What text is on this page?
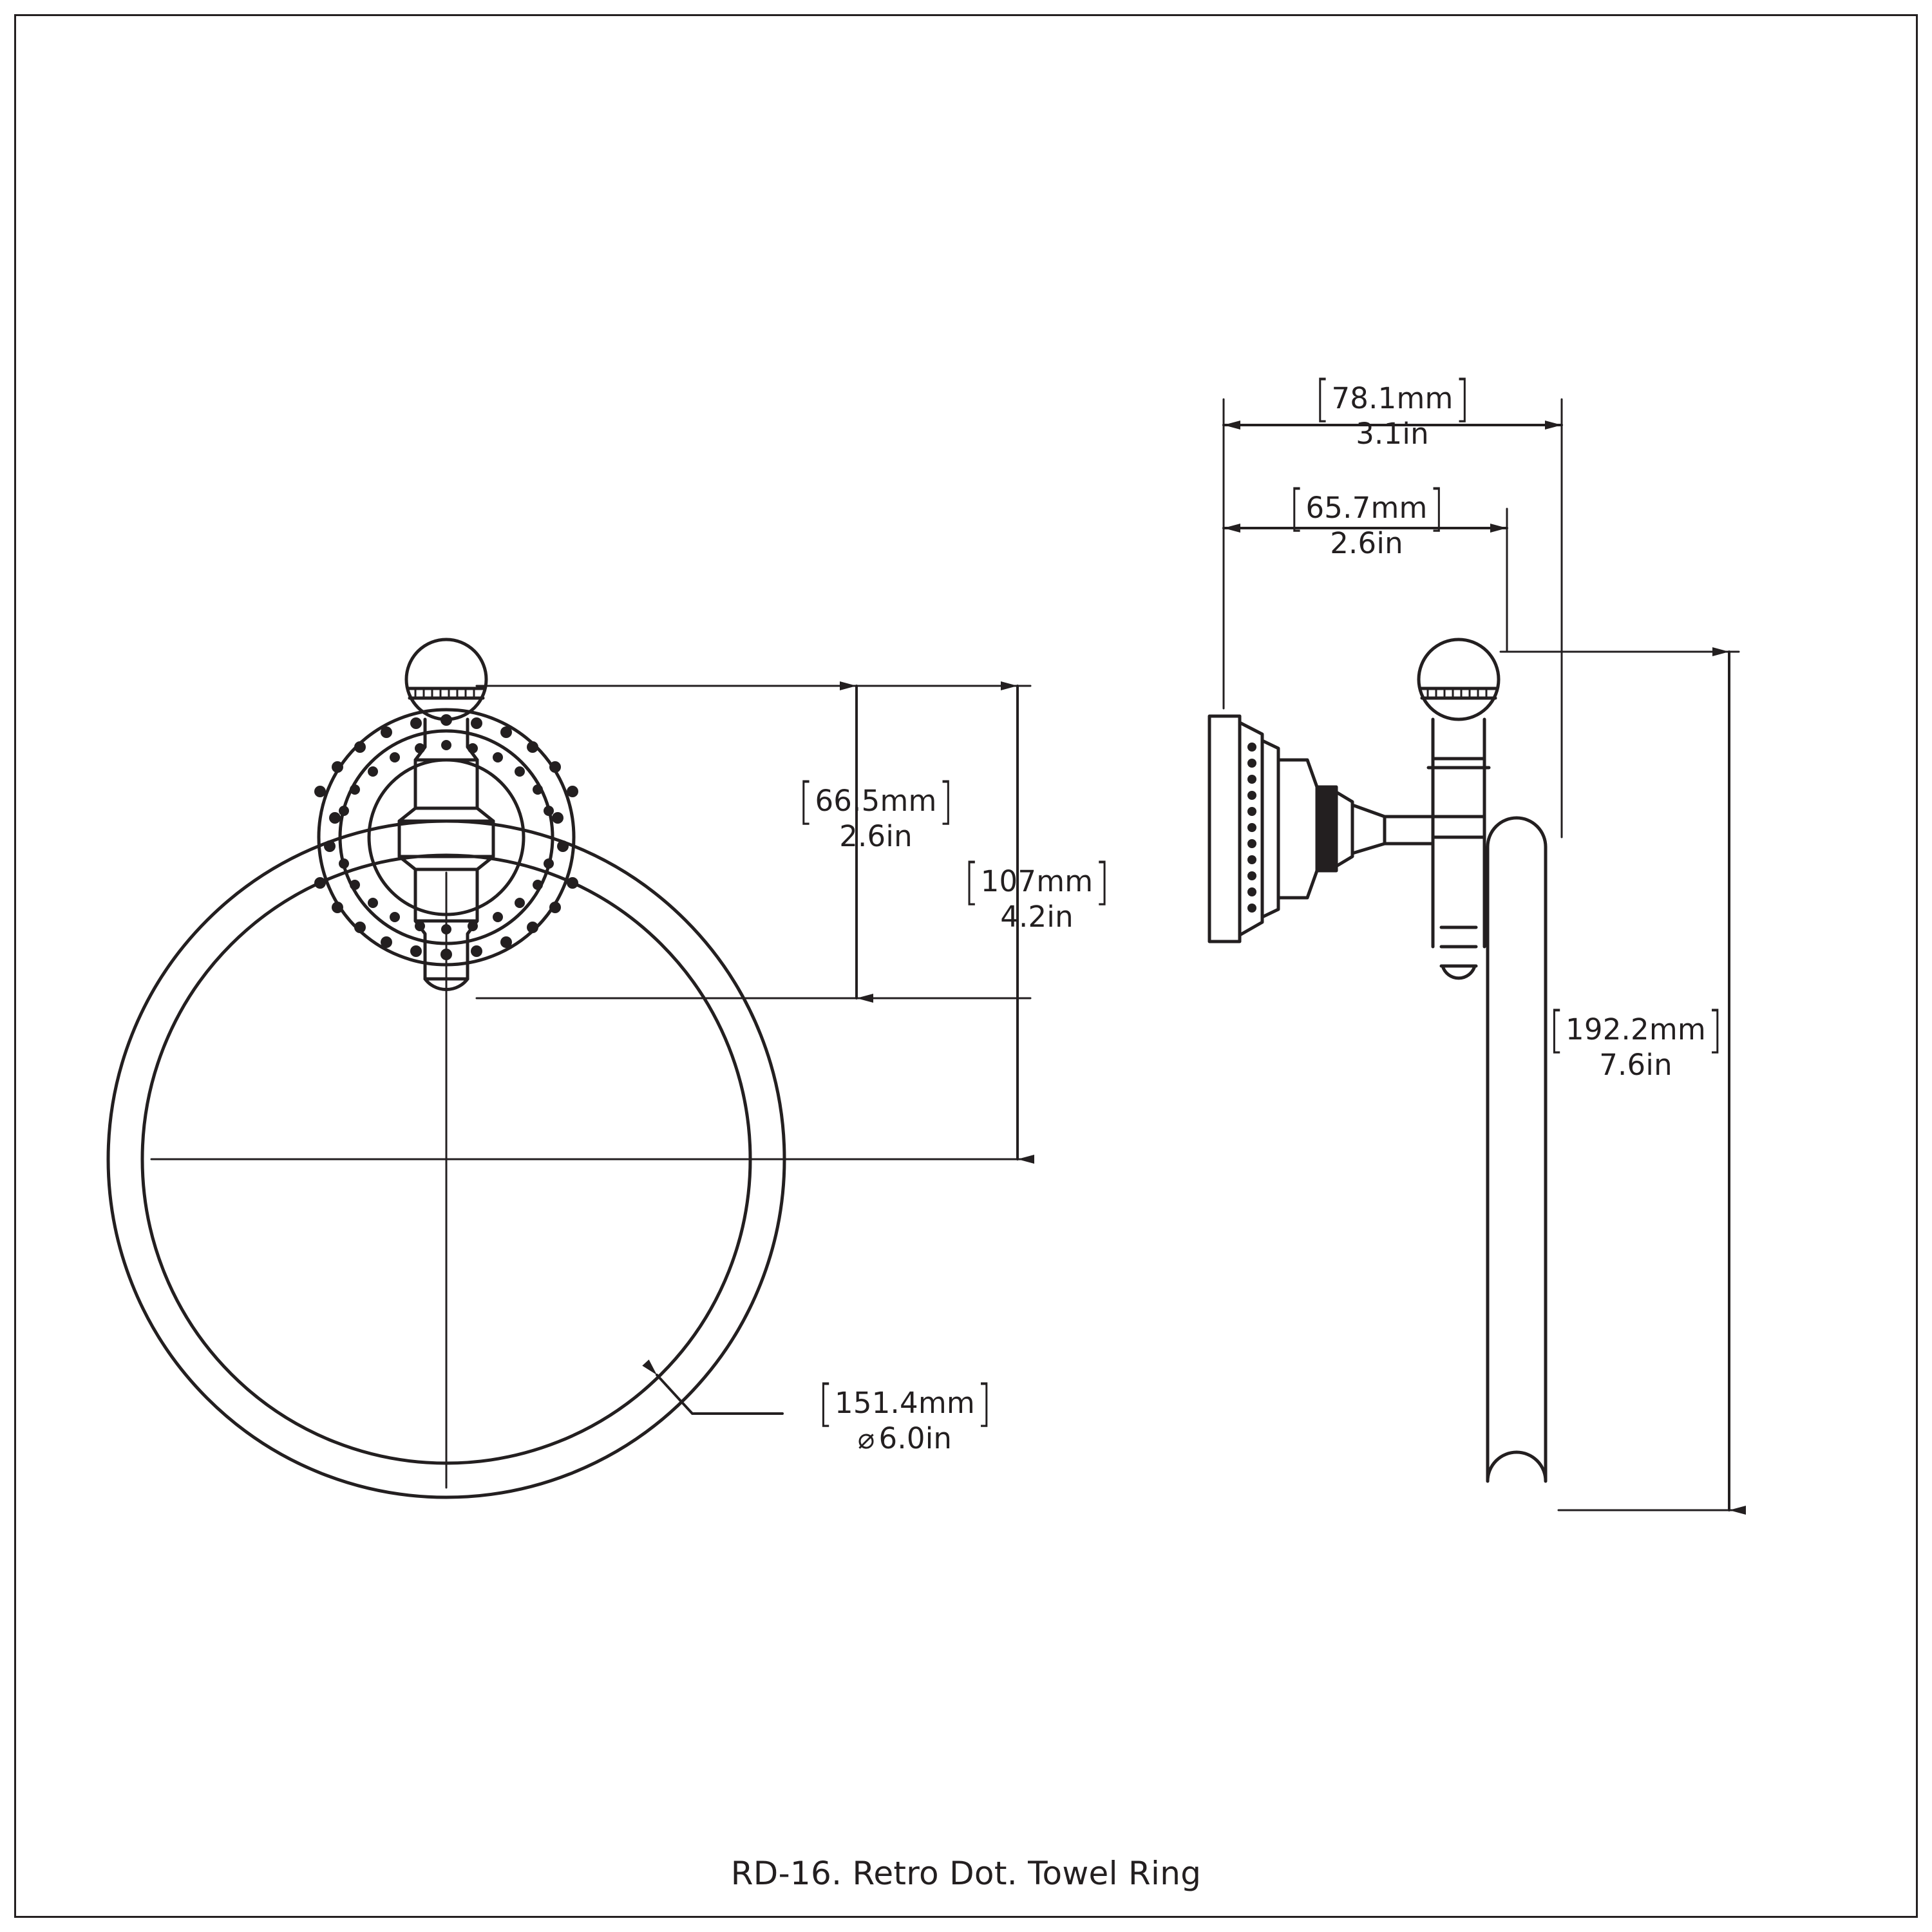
[ 66.5mm ]
2.6in
[ 107mm ]
4.2in
[ 151.4mm ]
⌀ 6.0in
[ 78.1mm ]
3.1in
[ 65.7mm ]
2.6in
[ 192.2mm ]
7.6in
RD-16. Retro Dot. Towel Ring
